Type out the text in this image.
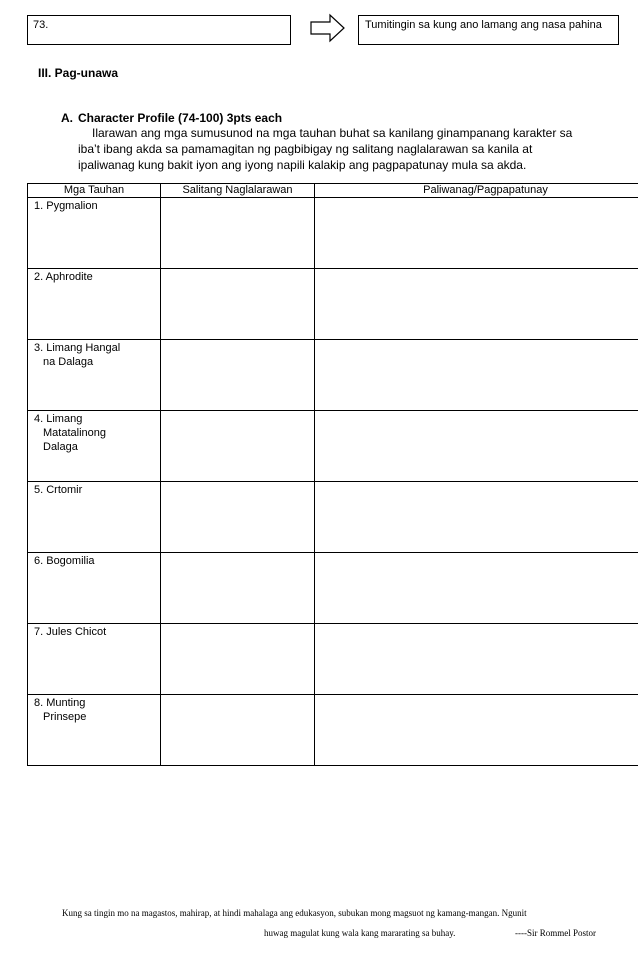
73.	Tumitingin sa kung ano lamang ang nasa pahina
III. Pag-unawa
A. Character Profile (74-100) 3pts each

Ilarawan ang mga sumusunod na mga tauhan buhat sa kanilang ginampanang karakter sa

iba’t ibang akda sa pamamagitan ng pagbibigay ng salitang naglalarawan sa kanila at

ipaliwanag kung bakit iyon ang iyong napili kalakip ang pagpapatunay mula sa akda.

Mga Tauhan	Salitang Naglalarawan	Paliwanag/Pagpapatunay
1. Pygmalion		
2. Aphrodite		
3. Limang Hangal
na Dalaga		
4. Limang
Matatalinong
Dalaga		
5. Crtomir		
6. Bogomilia		
7. Jules Chicot		
8. Munting
Prinsepe		
Kung sa tingin mo na magastos, mahirap, at hindi mahalaga ang edukasyon, subukan mong magsuot ng kamang-mangan. Ngunit
huwag magulat kung wala kang mararating sa buhay.	----Sir Rommel Postor
